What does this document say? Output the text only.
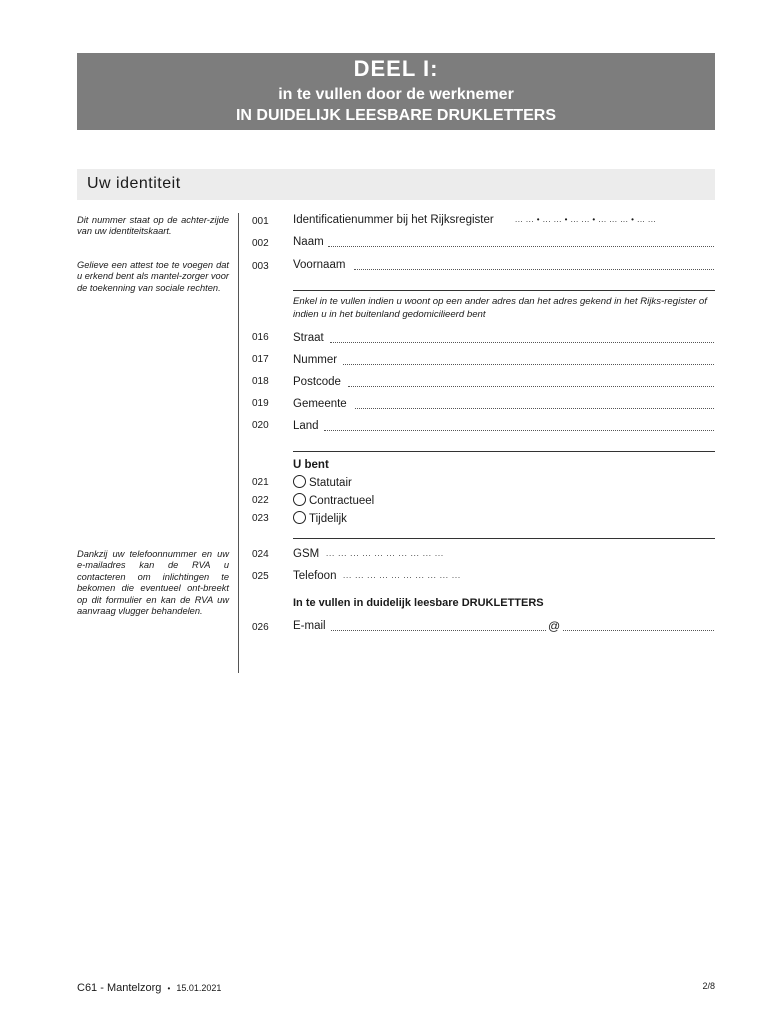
DEEL I:
in te vullen door de werknemer
IN DUIDELIJK LEESBARE DRUKLETTERS
Uw identiteit
Dit nummer staat op de achter-zijde van uw identiteitskaart.
Gelieve een attest toe te voegen dat u erkend bent als mantel-zorger voor de toekenning van sociale rechten.
Dankzij uw telefoonnummer en uw e-mailadres kan de RVA u contacteren om inlichtingen te bekomen die eventueel ont-breekt op dit formulier en kan de RVA uw aanvraag vlugger behandelen.
001 Identificatienummer bij het Rijksregister	... ... • ... ... • ... ... • ... ... ... • ... ...
002 Naam
003 Voornaam
Enkel in te vullen indien u woont op een ander adres dan het adres gekend in het Rijks-register of indien u in het buitenland gedomicilieerd bent
016 Straat
017 Nummer
018 Postcode
019 Gemeente
020 Land
U bent
021	Statutair
022	Contractueel
023	Tijdelijk
024 GSM ... ... ... ... ... ... ... ... ... ...
025 Telefoon ... ... ... ... ... ... ... ... ... ...
In te vullen in duidelijk leesbare DRUKLETTERS
026 E-mail	@
C61 - Mantelzorg • 15.01.2021	2/8
